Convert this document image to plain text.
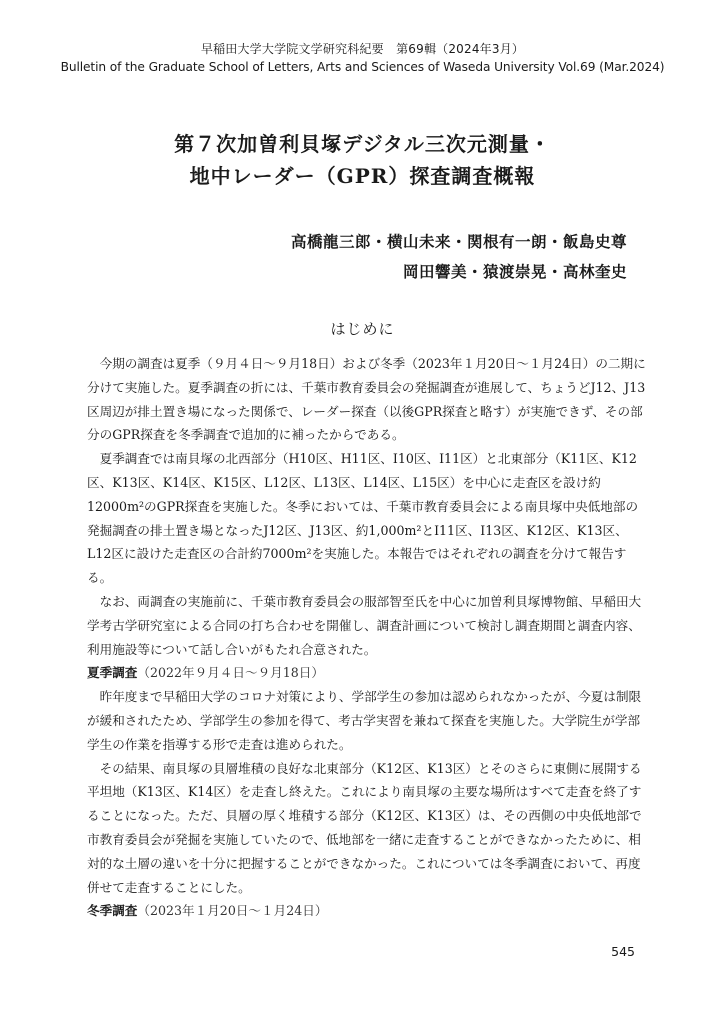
早稲田大学大学院文学研究科紀要　第69輯（2024年3月）
Bulletin of the Graduate School of Letters, Arts and Sciences of Waseda University Vol.69 (Mar.2024)
第７次加曽利貝塚デジタル三次元測量・
地中レーダー（GPR）探査調査概報
高橋龍三郎・横山未来・関根有一朗・飯島史尊
岡田響美・猿渡崇晃・高林奎史
はじめに

今期の調査は夏季（９月４日～９月18日）および冬季（2023年１月20日～１月24日）の二期に分けて実施した。夏季調査の折には、千葉市教育委員会の発掘調査が進展して、ちょうどJ12、J13区周辺が排土置き場になった関係で、レーダー探査（以後GPR探査と略す）が実施できず、その部分のGPR探査を冬季調査で追加的に補ったからである。

夏季調査では南貝塚の北西部分（H10区、H11区、I10区、I11区）と北東部分（K11区、K12区、K13区、K14区、K15区、L12区、L13区、L14区、L15区）を中心に走査区を設け約12000m²のGPR探査を実施した。冬季においては、千葉市教育委員会による南貝塚中央低地部の発掘調査の排土置き場となったJ12区、J13区、約1,000m²とI11区、I13区、K12区、K13区、L12区に設けた走査区の合計約7000m²を実施した。本報告ではそれぞれの調査を分けて報告する。

なお、両調査の実施前に、千葉市教育委員会の服部智至氏を中心に加曽利貝塚博物館、早稲田大学考古学研究室による合同の打ち合わせを開催し、調査計画について検討し調査期間と調査内容、利用施設等について話し合いがもたれ合意された。

夏季調査（2022年９月４日～９月18日）

昨年度まで早稲田大学のコロナ対策により、学部学生の参加は認められなかったが、今夏は制限が緩和されたため、学部学生の参加を得て、考古学実習を兼ねて探査を実施した。大学院生が学部学生の作業を指導する形で走査は進められた。

その結果、南貝塚の貝層堆積の良好な北東部分（K12区、K13区）とそのさらに東側に展開する平坦地（K13区、K14区）を走査し終えた。これにより南貝塚の主要な場所はすべて走査を終了することになった。ただ、貝層の厚く堆積する部分（K12区、K13区）は、その西側の中央低地部で市教育委員会が発掘を実施していたので、低地部を一緒に走査することができなかったために、相対的な土層の違いを十分に把握することができなかった。これについては冬季調査において、再度併せて走査することにした。

冬季調査（2023年１月20日～１月24日）

545
